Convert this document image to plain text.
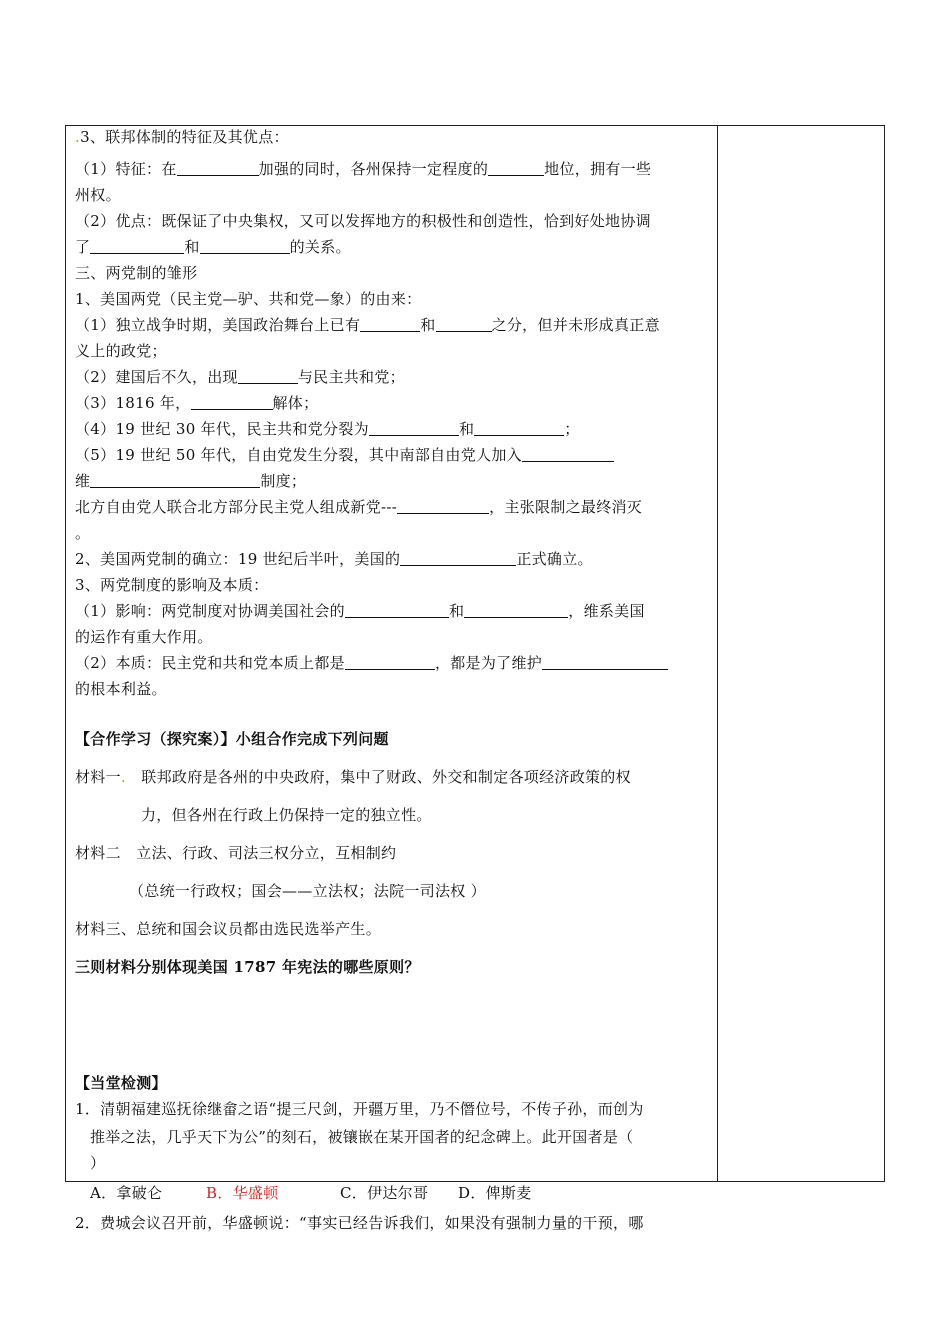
.3、联邦体制的特征及其优点：
（1）特征：在	加强的同时，各州保持一定程度的	地位，拥有一些
州权。
（2）优点：既保证了中央集权，又可以发挥地方的积极性和创造性，恰到好处地协调
了	和	的关系。
三、两党制的雏形
1、美国两党（民主党—驴、共和党—象）的由来：
（1）独立战争时期，美国政治舞台上已有	和	之分，但并未形成真正意
义上的政党；
（2）建国后不久，出现	与民主共和党；
（3）1816 年，	解体；
（4）19 世纪 30 年代，民主共和党分裂为	和	；
（5）19 世纪 50 年代，自由党发生分裂，其中南部自由党人加入
维	制度；
北方自由党人联合北方部分民主党人组成新党---	，主张限制之最终消灭
。
2、美国两党制的确立：19 世纪后半叶，美国的	正式确立。
3、两党制度的影响及本质：
（1）影响：两党制度对协调美国社会的	和	，维系美国
的运作有重大作用。
（2）本质：民主党和共和党本质上都是	，都是为了维护
的根本利益。
【合作学习（探究案）】小组合作完成下列问题
材料一.　 联邦政府是各州的中央政府，集中了财政、外交和制定各项经济政策的权
力，但各州在行政上仍保持一定的独立性。
材料二　立法、行政、司法三权分立，互相制约
（总统一行政权；国会——立法权；法院一司法权 ）
材料三、总统和国会议员都由选民选举产生。
三则材料分别体现美国 1787 年宪法的哪些原则？
【当堂检测】
1．清朝福建巡抚徐继畲之语“提三尺剑，开疆万里，乃不僭位号，不传子孙，而创为
推举之法，几乎天下为公”的刻石，被镶嵌在某开国者的纪念碑上。此开国者是（
）
A．拿破仑	B．华盛顿	C．伊达尔哥 D．俾斯麦
2．费城会议召开前，华盛顿说：“事实已经告诉我们，如果没有强制力量的干预，哪
